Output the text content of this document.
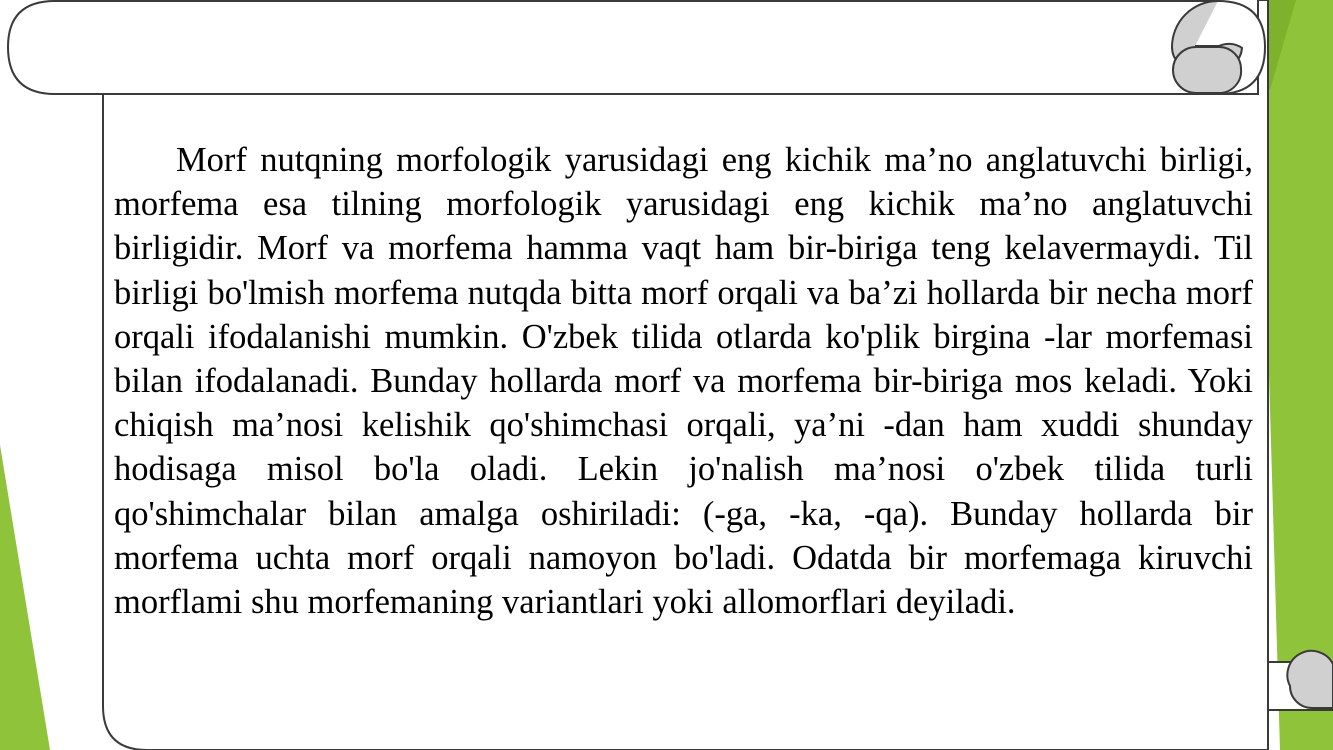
Morf nutqning morfologik yarusidagi eng kichik ma’no anglatuvchi birligi, morfema esa tilning morfologik yarusidagi eng kichik ma’no anglatuvchi birligidir. Morf va morfema hamma vaqt ham bir-biriga teng kelavermaydi. Til birligi bo'lmish morfema nutqda bitta morf orqali va ba’zi hollarda bir necha morf orqali ifodalanishi mumkin. O'zbek tilida otlarda ko'plik birgina -lar morfemasi bilan ifodalanadi. Bunday hollarda morf va morfema bir-biriga mos keladi. Yoki chiqish ma’nosi kelishik qo'shimchasi orqali, ya’ni -dan ham xuddi shunday hodisaga misol bo'la oladi. Lekin jo'nalish ma’nosi o'zbek tilida turli qo'shimchalar bilan amalga oshiriladi: (-ga, -ka, -qa). Bunday hollarda bir morfema uchta morf orqali namoyon bo'ladi. Odatda bir morfemaga kiruvchi morflami shu morfemaning variantlari yoki allomorflari deyiladi.
